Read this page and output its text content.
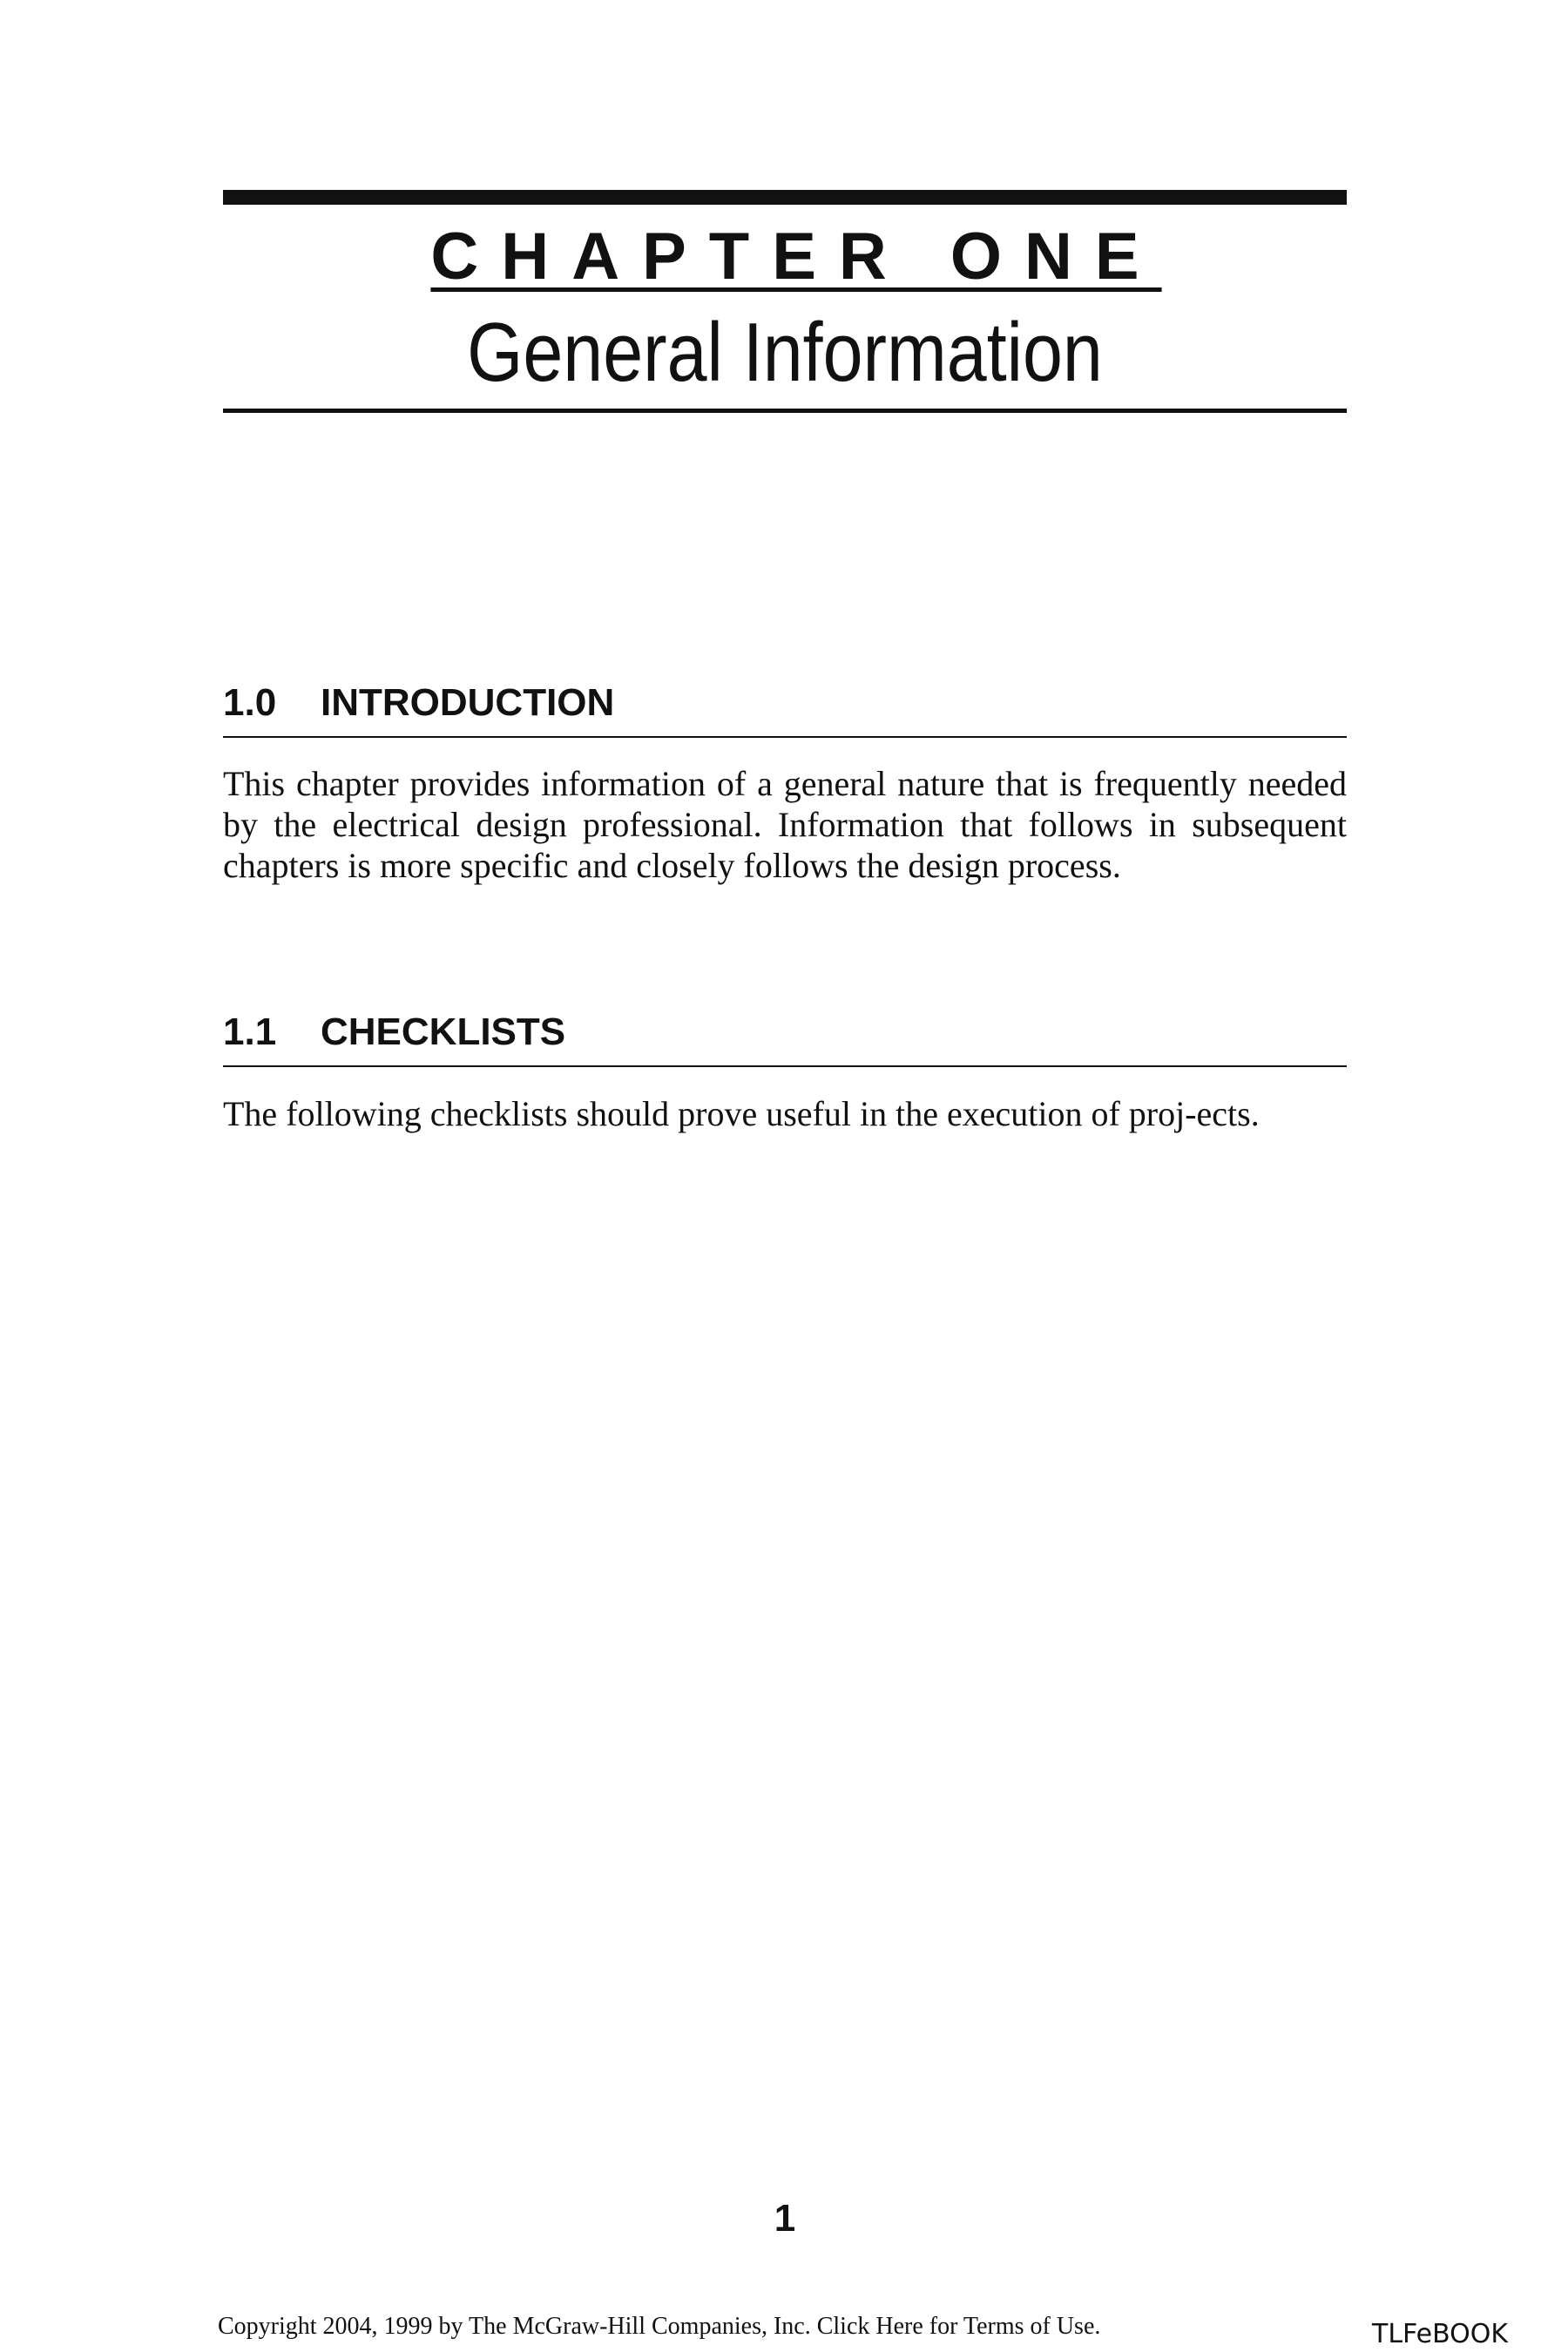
CHAPTER ONE
General Information
1.0 INTRODUCTION
This chapter provides information of a general nature that is frequently needed by the electrical design professional. Information that follows in subsequent chapters is more specific and closely follows the design process.
1.1 CHECKLISTS
The following checklists should prove useful in the execution of proj-ects.
1
Copyright 2004, 1999 by The McGraw-Hill Companies, Inc. Click Here for Terms of Use.	TLFeBOOK
